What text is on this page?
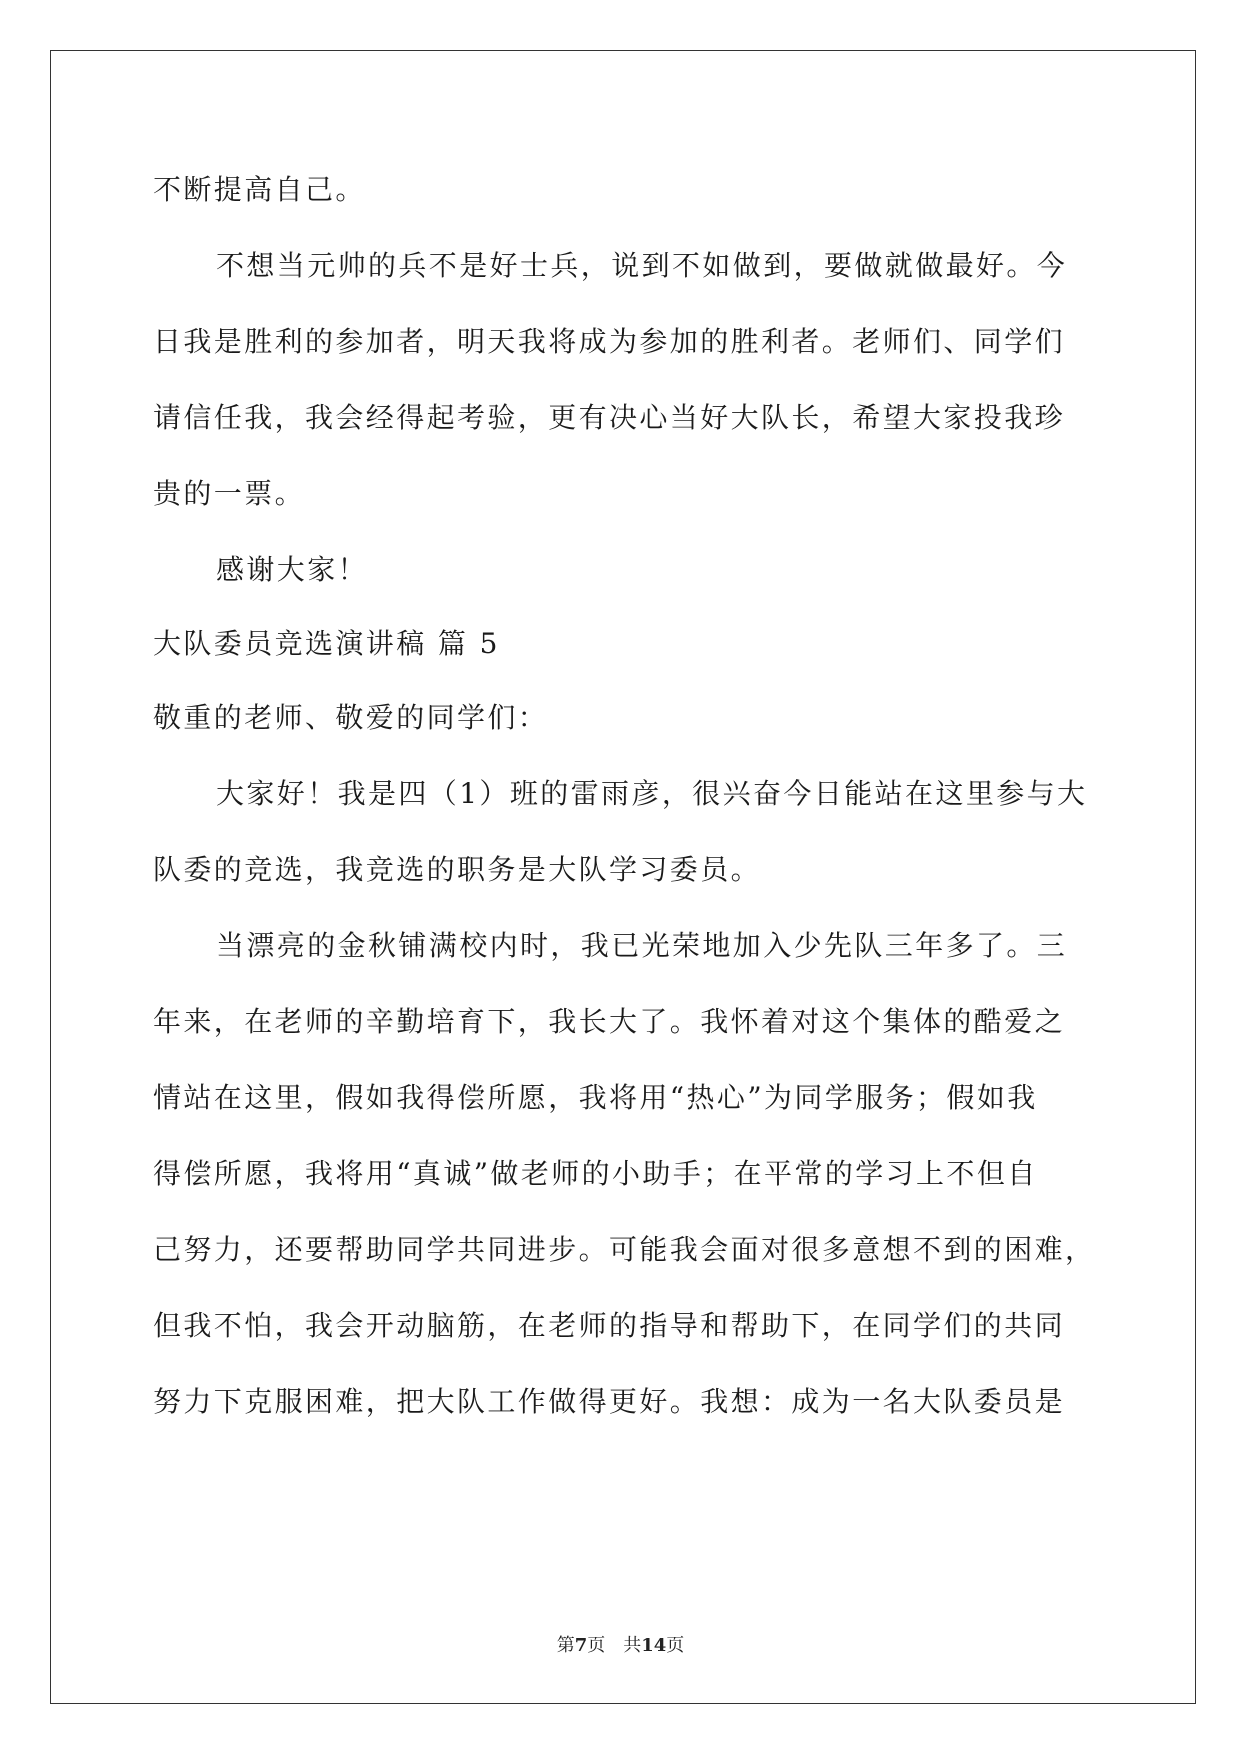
不断提高自己。
不想当元帅的兵不是好士兵，说到不如做到，要做就做最好。今
日我是胜利的参加者，明天我将成为参加的胜利者。老师们、同学们
请信任我，我会经得起考验，更有决心当好大队长，希望大家投我珍
贵的一票。
感谢大家！
大队委员竞选演讲稿 篇 5
敬重的老师、敬爱的同学们：
大家好！我是四（1）班的雷雨彦，很兴奋今日能站在这里参与大
队委的竞选，我竞选的职务是大队学习委员。
当漂亮的金秋铺满校内时，我已光荣地加入少先队三年多了。三
年来，在老师的辛勤培育下，我长大了。我怀着对这个集体的酷爱之
情站在这里，假如我得偿所愿，我将用“热心”为同学服务；假如我
得偿所愿，我将用“真诚”做老师的小助手；在平常的学习上不但自
己努力，还要帮助同学共同进步。可能我会面对很多意想不到的困难，
但我不怕，我会开动脑筋，在老师的指导和帮助下，在同学们的共同
努力下克服困难，把大队工作做得更好。我想：成为一名大队委员是
第7页 共14页
